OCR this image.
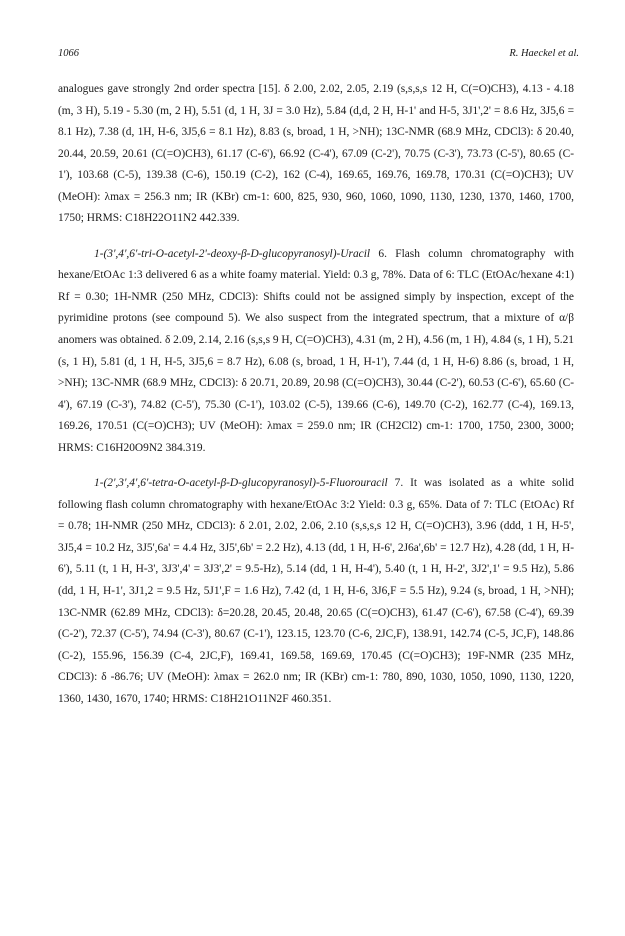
1066	R. Haeckel et al.

analogues gave strongly 2nd order spectra [15]. δ 2.00, 2.02, 2.05, 2.19 (s,s,s,s 12 H, C(=O)CH3), 4.13 - 4.18 (m, 3 H), 5.19 - 5.30 (m, 2 H), 5.51 (d, 1 H, 3J = 3.0 Hz), 5.84 (d,d, 2 H, H-1' and H-5, 3J1',2' = 8.6 Hz, 3J5,6 = 8.1 Hz), 7.38 (d, 1H, H-6, 3J5,6 = 8.1 Hz), 8.83 (s, broad, 1 H, >NH); 13C-NMR (68.9 MHz, CDCl3): δ 20.40, 20.44, 20.59, 20.61 (C(=O)CH3), 61.17 (C-6'), 66.92 (C-4'), 67.09 (C-2'), 70.75 (C-3'), 73.73 (C-5'), 80.65 (C-1'), 103.68 (C-5), 139.38 (C-6), 150.19 (C-2), 162 (C-4), 169.65, 169.76, 169.78, 170.31 (C(=O)CH3); UV (MeOH): λmax = 256.3 nm; IR (KBr) cm-1: 600, 825, 930, 960, 1060, 1090, 1130, 1230, 1370, 1460, 1700, 1750; HRMS: C18H22O11N2 442.339.

1-(3',4',6'-tri-O-acetyl-2'-deoxy-β-D-glucopyranosyl)-Uracil 6. Flash column chromatography with hexane/EtOAc 1:3 delivered 6 as a white foamy material. Yield: 0.3 g, 78%. Data of 6: TLC (EtOAc/hexane 4:1) Rf = 0.30; 1H-NMR (250 MHz, CDCl3): Shifts could not be assigned simply by inspection, except of the pyrimidine protons (see compound 5). We also suspect from the integrated spectrum, that a mixture of α/β anomers was obtained. δ 2.09, 2.14, 2.16 (s,s,s 9 H, C(=O)CH3), 4.31 (m, 2 H), 4.56 (m, 1 H), 4.84 (s, 1 H), 5.21 (s, 1 H), 5.81 (d, 1 H, H-5, 3J5,6 = 8.7 Hz), 6.08 (s, broad, 1 H, H-1'), 7.44 (d, 1 H, H-6) 8.86 (s, broad, 1 H, >NH); 13C-NMR (68.9 MHz, CDCl3): δ 20.71, 20.89, 20.98 (C(=O)CH3), 30.44 (C-2'), 60.53 (C-6'), 65.60 (C-4'), 67.19 (C-3'), 74.82 (C-5'), 75.30 (C-1'), 103.02 (C-5), 139.66 (C-6), 149.70 (C-2), 162.77 (C-4), 169.13, 169.26, 170.51 (C(=O)CH3); UV (MeOH): λmax = 259.0 nm; IR (CH2Cl2) cm-1: 1700, 1750, 2300, 3000; HRMS: C16H20O9N2 384.319.

1-(2',3',4',6'-tetra-O-acetyl-β-D-glucopyranosyl)-5-Fluorouracil 7. It was isolated as a white solid following flash column chromatography with hexane/EtOAc 3:2 Yield: 0.3 g, 65%. Data of 7: TLC (EtOAc) Rf = 0.78; 1H-NMR (250 MHz, CDCl3): δ 2.01, 2.02, 2.06, 2.10 (s,s,s,s 12 H, C(=O)CH3), 3.96 (ddd, 1 H, H-5', 3J5,4 = 10.2 Hz, 3J5',6a' = 4.4 Hz, 3J5',6b' = 2.2 Hz), 4.13 (dd, 1 H, H-6', 2J6a',6b' = 12.7 Hz), 4.28 (dd, 1 H, H-6'), 5.11 (t, 1 H, H-3', 3J3',4' = 3J3',2' = 9.5-Hz), 5.14 (dd, 1 H, H-4'), 5.40 (t, 1 H, H-2', 3J2',1' = 9.5 Hz), 5.86 (dd, 1 H, H-1', 3J1,2 = 9.5 Hz, 5J1',F = 1.6 Hz), 7.42 (d, 1 H, H-6, 3J6,F = 5.5 Hz), 9.24 (s, broad, 1 H, >NH); 13C-NMR (62.89 MHz, CDCl3): δ=20.28, 20.45, 20.48, 20.65 (C(=O)CH3), 61.47 (C-6'), 67.58 (C-4'), 69.39 (C-2'), 72.37 (C-5'), 74.94 (C-3'), 80.67 (C-1'), 123.15, 123.70 (C-6, 2JC,F), 138.91, 142.74 (C-5, JC,F), 148.86 (C-2), 155.96, 156.39 (C-4, 2JC,F), 169.41, 169.58, 169.69, 170.45 (C(=O)CH3); 19F-NMR (235 MHz, CDCl3): δ -86.76; UV (MeOH): λmax = 262.0 nm; IR (KBr) cm-1: 780, 890, 1030, 1050, 1090, 1130, 1220, 1360, 1430, 1670, 1740; HRMS: C18H21O11N2F 460.351.
